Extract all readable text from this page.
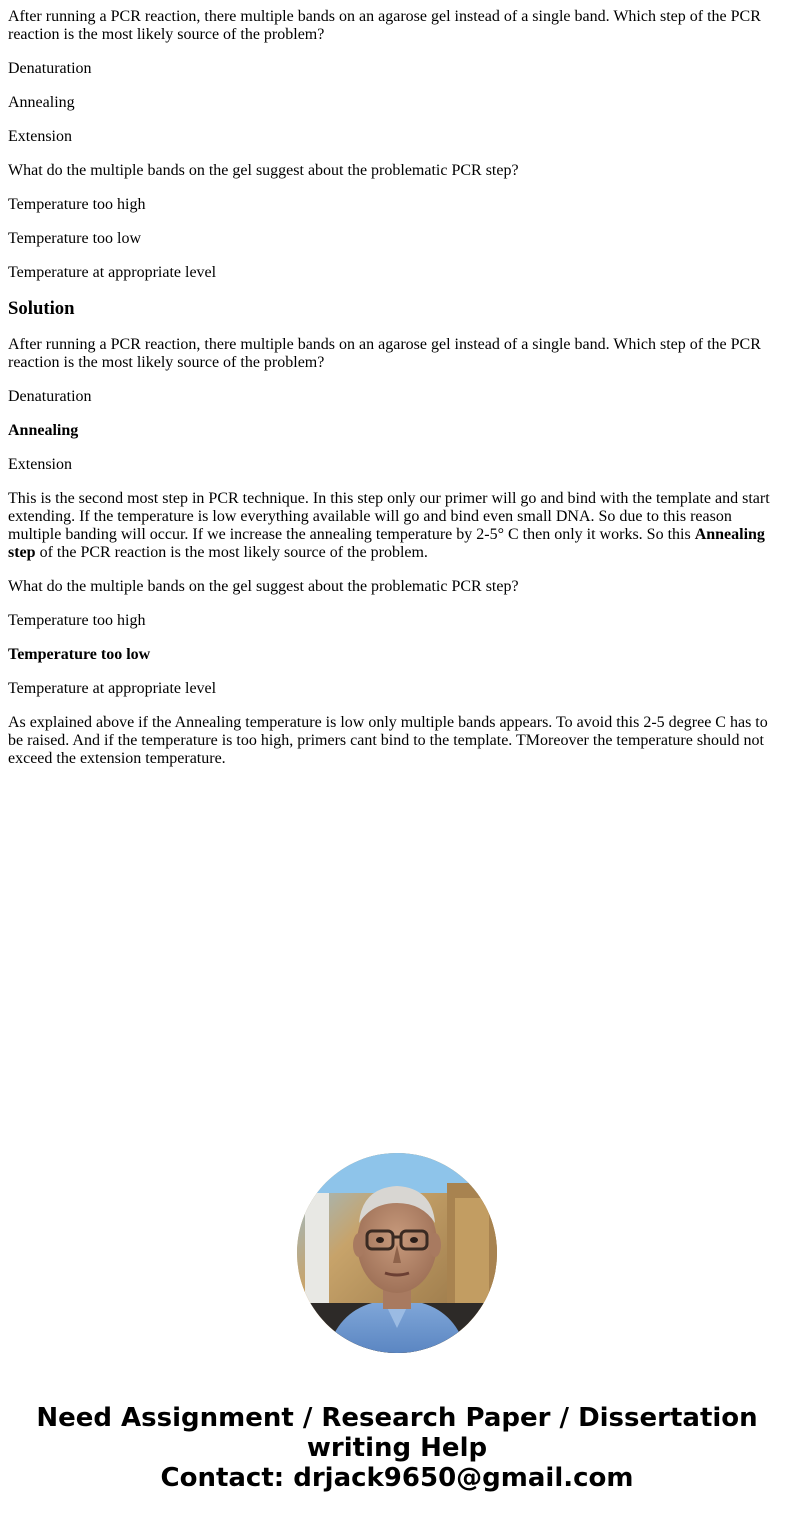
After running a PCR reaction, there multiple bands on an agarose gel instead of a single band. Which step of the PCR reaction is the most likely source of the problem?

Denaturation

Annealing

Extension

What do the multiple bands on the gel suggest about the problematic PCR step?

Temperature too high

Temperature too low

Temperature at appropriate level

Solution

After running a PCR reaction, there multiple bands on an agarose gel instead of a single band. Which step of the PCR reaction is the most likely source of the problem?

Denaturation

Annealing

Extension

This is the second most step in PCR technique. In this step only our primer will go and bind with the template and start extending. If the temperature is low everything available will go and bind even small DNA. So due to this reason multiple banding will occur. If we increase the annealing temperature by 2-5° C then only it works. So this Annealing step of the PCR reaction is the most likely source of the problem.

What do the multiple bands on the gel suggest about the problematic PCR step?

Temperature too high

Temperature too low

Temperature at appropriate level

As explained above if the Annealing temperature is low only multiple bands appears. To avoid this 2-5 degree C has to be raised. And if the temperature is too high, primers cant bind to the template. TMoreover the temperature should not exceed the extension temperature.

Need Assignment / Research Paper / Dissertation
writing Help
Contact: drjack9650@gmail.com
